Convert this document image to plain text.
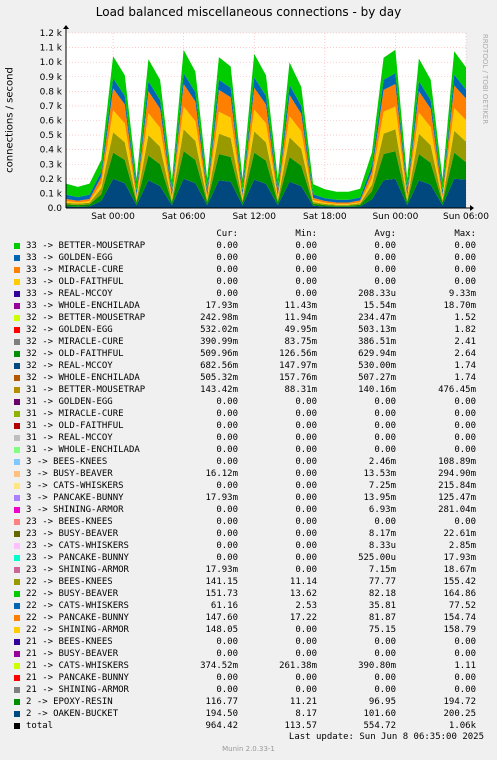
Load balanced miscellaneous connections - by day
connections / second	RRDTOOL / TOBI OETIKER
0.0
0.1 k
0.2 k
0.3 k
0.4 k
0.5 k
0.6 k
0.7 k
0.8 k
0.9 k
1.0 k
1.1 k
1.2 k
Sat 00:00	Sat 06:00	Sat 12:00	Sat 18:00	Sun 00:00	Sun 06:00
Cur:	Min:	Avg:	Max:
33 -> BETTER-MOUSETRAP	0.00	0.00	0.00	0.00
33 -> GOLDEN-EGG	0.00	0.00	0.00	0.00
33 -> MIRACLE-CURE	0.00	0.00	0.00	0.00
33 -> OLD-FAITHFUL	0.00	0.00	0.00	0.00
33 -> REAL-MCCOY	0.00	0.00	208.33u	9.33m
33 -> WHOLE-ENCHILADA	17.93m	11.43m	15.54m	18.70m
32 -> BETTER-MOUSETRAP	242.98m	11.94m	234.47m	1.52
32 -> GOLDEN-EGG	532.02m	49.95m	503.13m	1.82
32 -> MIRACLE-CURE	390.99m	83.75m	386.51m	2.41
32 -> OLD-FAITHFUL	509.96m	126.56m	629.94m	2.64
32 -> REAL-MCCOY	682.56m	147.97m	530.00m	1.74
32 -> WHOLE-ENCHILADA	505.32m	157.76m	507.27m	1.74
31 -> BETTER-MOUSETRAP	143.42m	88.31m	140.16m	476.45m
31 -> GOLDEN-EGG	0.00	0.00	0.00	0.00
31 -> MIRACLE-CURE	0.00	0.00	0.00	0.00
31 -> OLD-FAITHFUL	0.00	0.00	0.00	0.00
31 -> REAL-MCCOY	0.00	0.00	0.00	0.00
31 -> WHOLE-ENCHILADA	0.00	0.00	0.00	0.00
3 -> BEES-KNEES	0.00	0.00	2.46m	108.89m
3 -> BUSY-BEAVER	16.12m	0.00	13.53m	294.90m
3 -> CATS-WHISKERS	0.00	0.00	7.25m	215.84m
3 -> PANCAKE-BUNNY	17.93m	0.00	13.95m	125.47m
3 -> SHINING-ARMOR	0.00	0.00	6.93m	281.04m
23 -> BEES-KNEES	0.00	0.00	0.00	0.00
23 -> BUSY-BEAVER	0.00	0.00	8.17m	22.61m
23 -> CATS-WHISKERS	0.00	0.00	8.33u	2.85m
23 -> PANCAKE-BUNNY	0.00	0.00	525.00u	17.93m
23 -> SHINING-ARMOR	17.93m	0.00	7.15m	18.67m
22 -> BEES-KNEES	141.15	11.14	77.77	155.42
22 -> BUSY-BEAVER	151.73	13.62	82.18	164.86
22 -> CATS-WHISKERS	61.16	2.53	35.81	77.52
22 -> PANCAKE-BUNNY	147.60	17.22	81.87	154.74
22 -> SHINING-ARMOR	148.05	0.00	75.15	158.79
21 -> BEES-KNEES	0.00	0.00	0.00	0.00
21 -> BUSY-BEAVER	0.00	0.00	0.00	0.00
21 -> CATS-WHISKERS	374.52m	261.38m	390.80m	1.11
21 -> PANCAKE-BUNNY	0.00	0.00	0.00	0.00
21 -> SHINING-ARMOR	0.00	0.00	0.00	0.00
2 -> EPOXY-RESIN	116.77	11.21	96.95	194.72
2 -> OAKEN-BUCKET	194.50	8.17	101.60	200.25
total	964.42	113.57	554.72	1.06k
Last update: Sun Jun 8 06:35:00 2025
Munin 2.0.33-1
